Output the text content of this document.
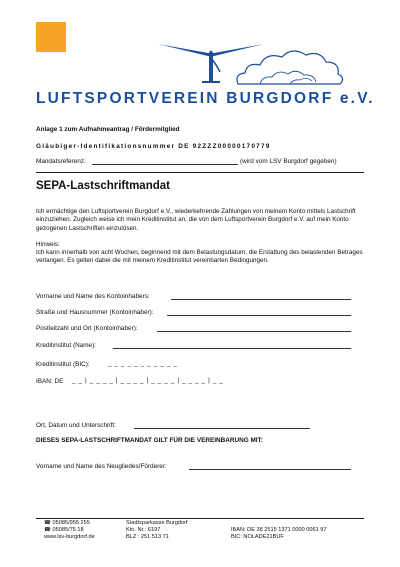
LUFTSPORTVEREIN BURGDORF e.V.
Anlage 1 zum Aufnahmeantrag / Fördermitglied
Gläubiger-Identifikationsnummer DE 92ZZZ00000170779
Mandatsreferenz:	(wird vom LSV Burgdorf gegeben)
SEPA-Lastschriftmandat
Ich ermächtige den Luftsportverein Burgdorf e.V., wiederkehrende Zahlungen von meinem Konto mittels Lastschrift einzuziehen. Zugleich weise ich mein Kreditinstitut an, die von dem Luftsportverein Burgdorf e.V. auf mein Konto gezogenen Lastschriften einzulösen.
Hinweis:
Ich kann innerhalb von acht Wochen, beginnend mit dem Belastungsdatum, die Erstattung des belastenden Betrages verlangen. Es gelten dabei die mit meinem Kreditinstitut vereinbarten Bedingungen.
Vorname und Name des Kontoinhabers:
Straße und Hausnummer (Kontoinhaber):
Postleitzahl und Ort (Kontoinhaber):
Kreditinstitut (Name):
Kreditinstitut (BIC):	_ _ _ _ _ _ _ _ _ _ _
IBAN: DE _ _ | _ _ _ _ | _ _ _ _ | _ _ _ _ | _ _ _ _ | _ _
Ort, Datum und Unterschrift:
DIESES SEPA-LASTSCHRIFTMANDAT GILT FÜR DIE VEREINBARUNG MIT:
Vorname und Name des Neugliedes/Förderer:
☎ 05085/955 255
☎ 05085/75 18
www.lsv-burgdorf.de
Stadtsparkasse Burgdorf
Kto. Nr.: 6197
BLZ : 251 513 71

IBAN: DE 38 2515 1371 0000 0061 97
BIC: NOLADE21BUF
